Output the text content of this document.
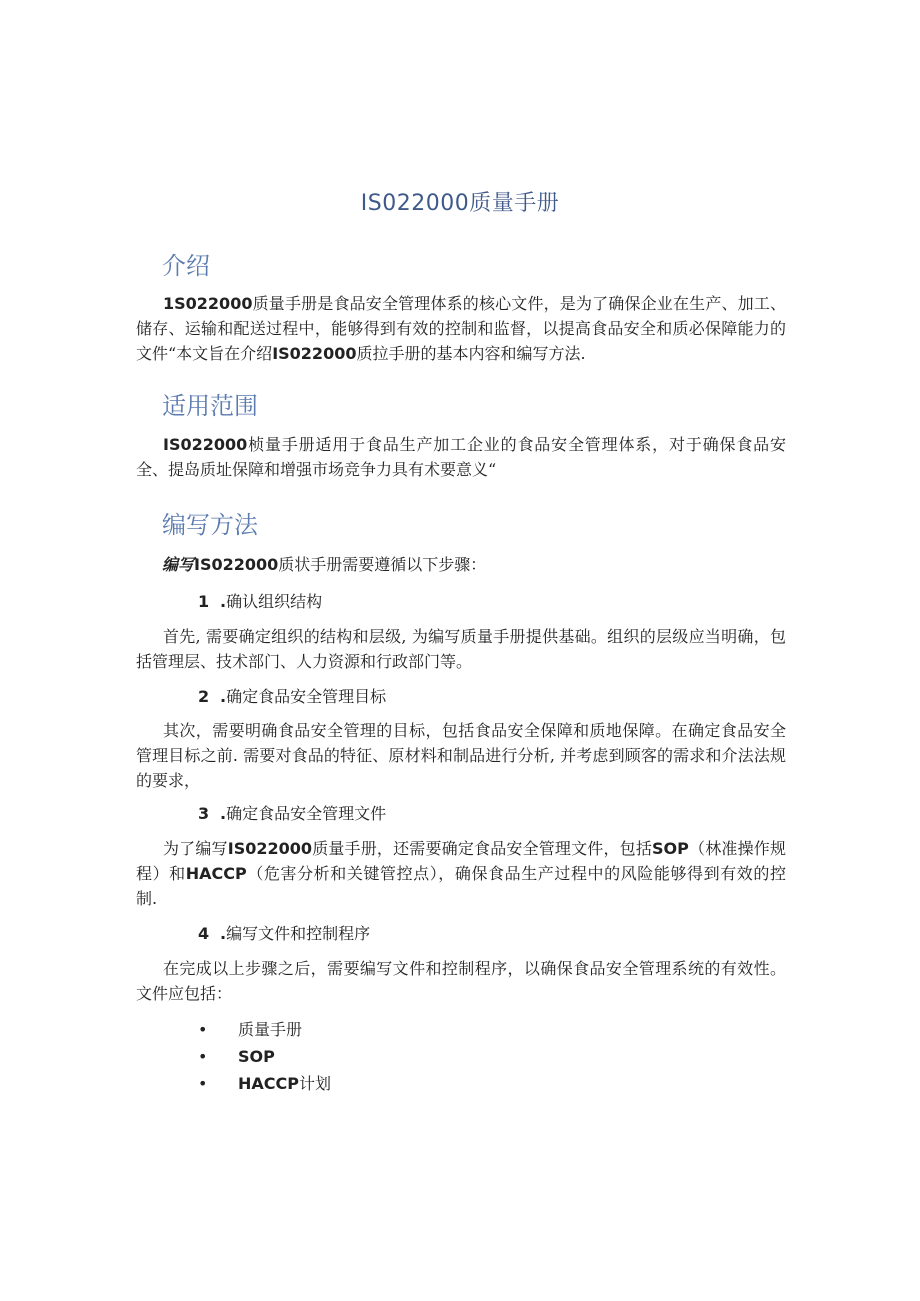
IS022000质量手册
介绍
1S022000质量手册是食品安全管理体系的核心文件，是为了确保企业在生产、加工、储存、运输和配送过程中，能够得到有效的控制和监督，以提高食品安全和质必保障能力的文件“本文旨在介绍IS022000质拉手册的基本内容和编写方法.
适用范围
IS022000桢量手册适用于食品生产加工企业的食品安全管理体系，对于确保食品安全、提岛质址保障和增强市场竞争力具有术要意义“
编写方法
编写IS022000质状手册需要遵循以下步骤：
1 .确认组织结构
首先, 需要确定组织的结构和层级, 为编写质量手册提供基础。组织的层级应当明确，包括管理层、技术部门、人力资源和行政部门等。
2 .确定食品安全管理目标
其次，需要明确食品安全管理的目标，包括食品安全保障和质地保障。在确定食品安全管理目标之前. 需要对食品的特征、原材料和制品进行分析, 并考虑到顾客的需求和介法法规的要求，
3 .确定食品安全管理文件
为了编写IS022000质量手册，还需要确定食品安全管理文件，包括SOP（林准操作规程）和HACCP（危害分析和关键管控点），确保食品生产过程中的风险能够得到有效的控制.
4 .编写文件和控制程序
在完成以上步骤之后，需要编写文件和控制程序，以确保食品安全管理系统的有效性。文件应包括：
• 质量手册
• SOP
• HACCP计划
